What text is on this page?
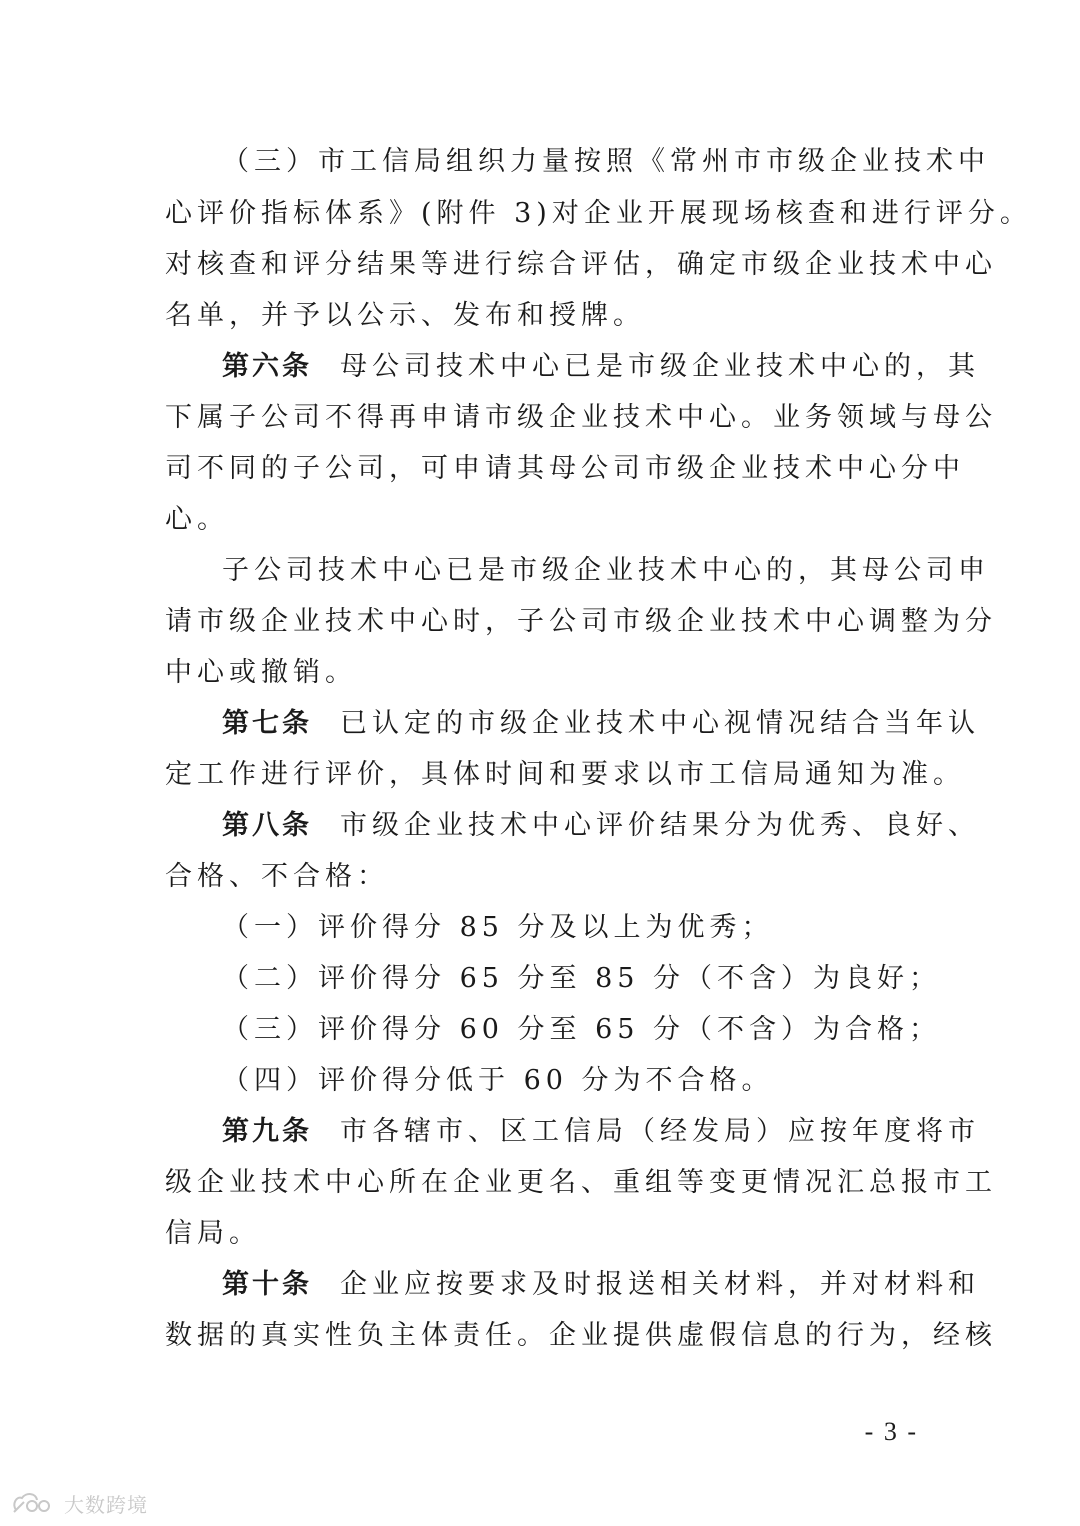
（三）市工信局组织力量按照《常州市市级企业技术中
心评价指标体系》(附件 3)对企业开展现场核查和进行评分。
对核查和评分结果等进行综合评估，确定市级企业技术中心
名单，并予以公示、发布和授牌。
第六条 母公司技术中心已是市级企业技术中心的，其
下属子公司不得再申请市级企业技术中心。业务领域与母公
司不同的子公司，可申请其母公司市级企业技术中心分中
心。
子公司技术中心已是市级企业技术中心的，其母公司申
请市级企业技术中心时，子公司市级企业技术中心调整为分
中心或撤销。
第七条 已认定的市级企业技术中心视情况结合当年认
定工作进行评价，具体时间和要求以市工信局通知为准。
第八条 市级企业技术中心评价结果分为优秀、良好、
合格、不合格：
（一）评价得分 85 分及以上为优秀；
（二）评价得分 65 分至 85 分（不含）为良好；
（三）评价得分 60 分至 65 分（不含）为合格；
（四）评价得分低于 60 分为不合格。
第九条 市各辖市、区工信局（经发局）应按年度将市
级企业技术中心所在企业更名、重组等变更情况汇总报市工
信局。
第十条 企业应按要求及时报送相关材料，并对材料和
数据的真实性负主体责任。企业提供虚假信息的行为，经核
- 3 -
大数跨境
